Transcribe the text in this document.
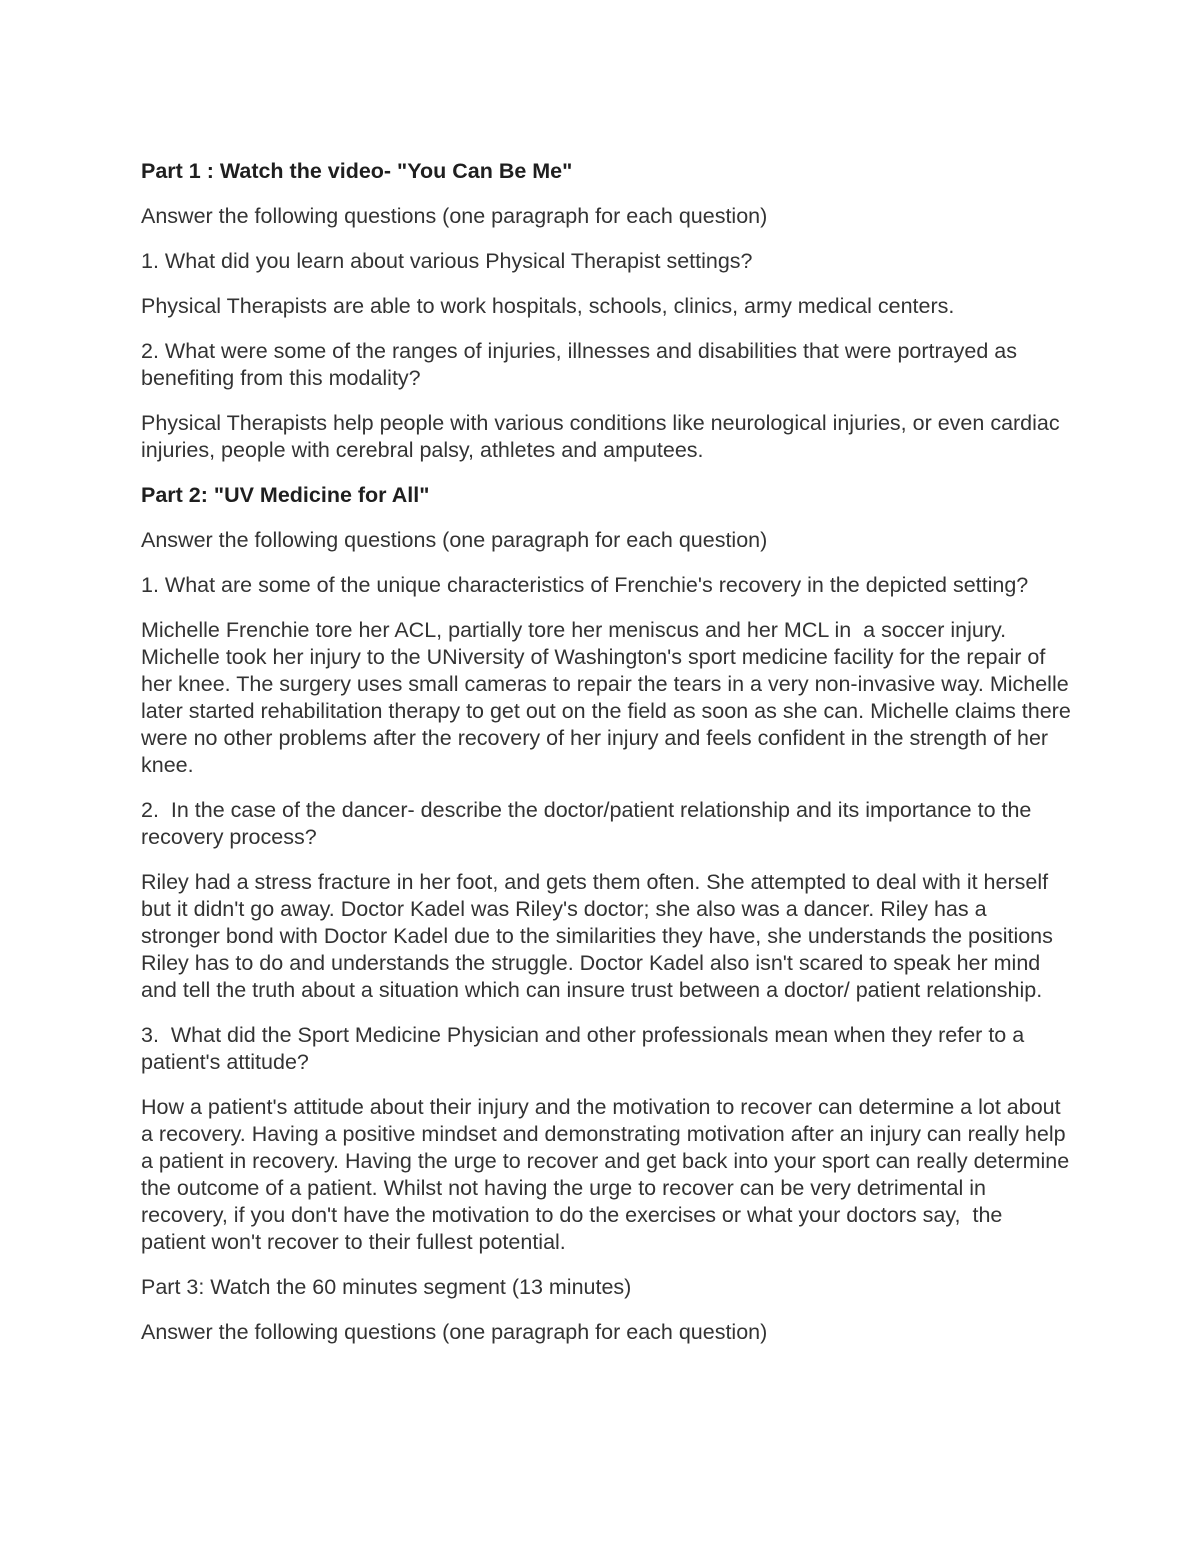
Part 1 : Watch the video- "You Can Be Me"

Answer the following questions (one paragraph for each question)

1. What did you learn about various Physical Therapist settings?

Physical Therapists are able to work hospitals, schools, clinics, army medical centers.

2. What were some of the ranges of injuries, illnesses and disabilities that were portrayed as benefiting from this modality?

Physical Therapists help people with various conditions like neurological injuries, or even cardiac injuries, people with cerebral palsy, athletes and amputees.

Part 2: "UV Medicine for All"

Answer the following questions (one paragraph for each question)

1. What are some of the unique characteristics of Frenchie's recovery in the depicted setting?

Michelle Frenchie tore her ACL, partially tore her meniscus and her MCL in  a soccer injury. Michelle took her injury to the UNiversity of Washington's sport medicine facility for the repair of her knee. The surgery uses small cameras to repair the tears in a very non-invasive way. Michelle later started rehabilitation therapy to get out on the field as soon as she can. Michelle claims there were no other problems after the recovery of her injury and feels confident in the strength of her knee.

2.  In the case of the dancer- describe the doctor/patient relationship and its importance to the recovery process?

Riley had a stress fracture in her foot, and gets them often. She attempted to deal with it herself but it didn't go away. Doctor Kadel was Riley's doctor; she also was a dancer. Riley has a stronger bond with Doctor Kadel due to the similarities they have, she understands the positions Riley has to do and understands the struggle. Doctor Kadel also isn't scared to speak her mind and tell the truth about a situation which can insure trust between a doctor/ patient relationship.

3.  What did the Sport Medicine Physician and other professionals mean when they refer to a  patient's attitude?

How a patient's attitude about their injury and the motivation to recover can determine a lot about a recovery. Having a positive mindset and demonstrating motivation after an injury can really help a patient in recovery. Having the urge to recover and get back into your sport can really determine the outcome of a patient. Whilst not having the urge to recover can be very detrimental in recovery, if you don't have the motivation to do the exercises or what your doctors say,  the patient won't recover to their fullest potential.

Part 3: Watch the 60 minutes segment (13 minutes)

Answer the following questions (one paragraph for each question)
